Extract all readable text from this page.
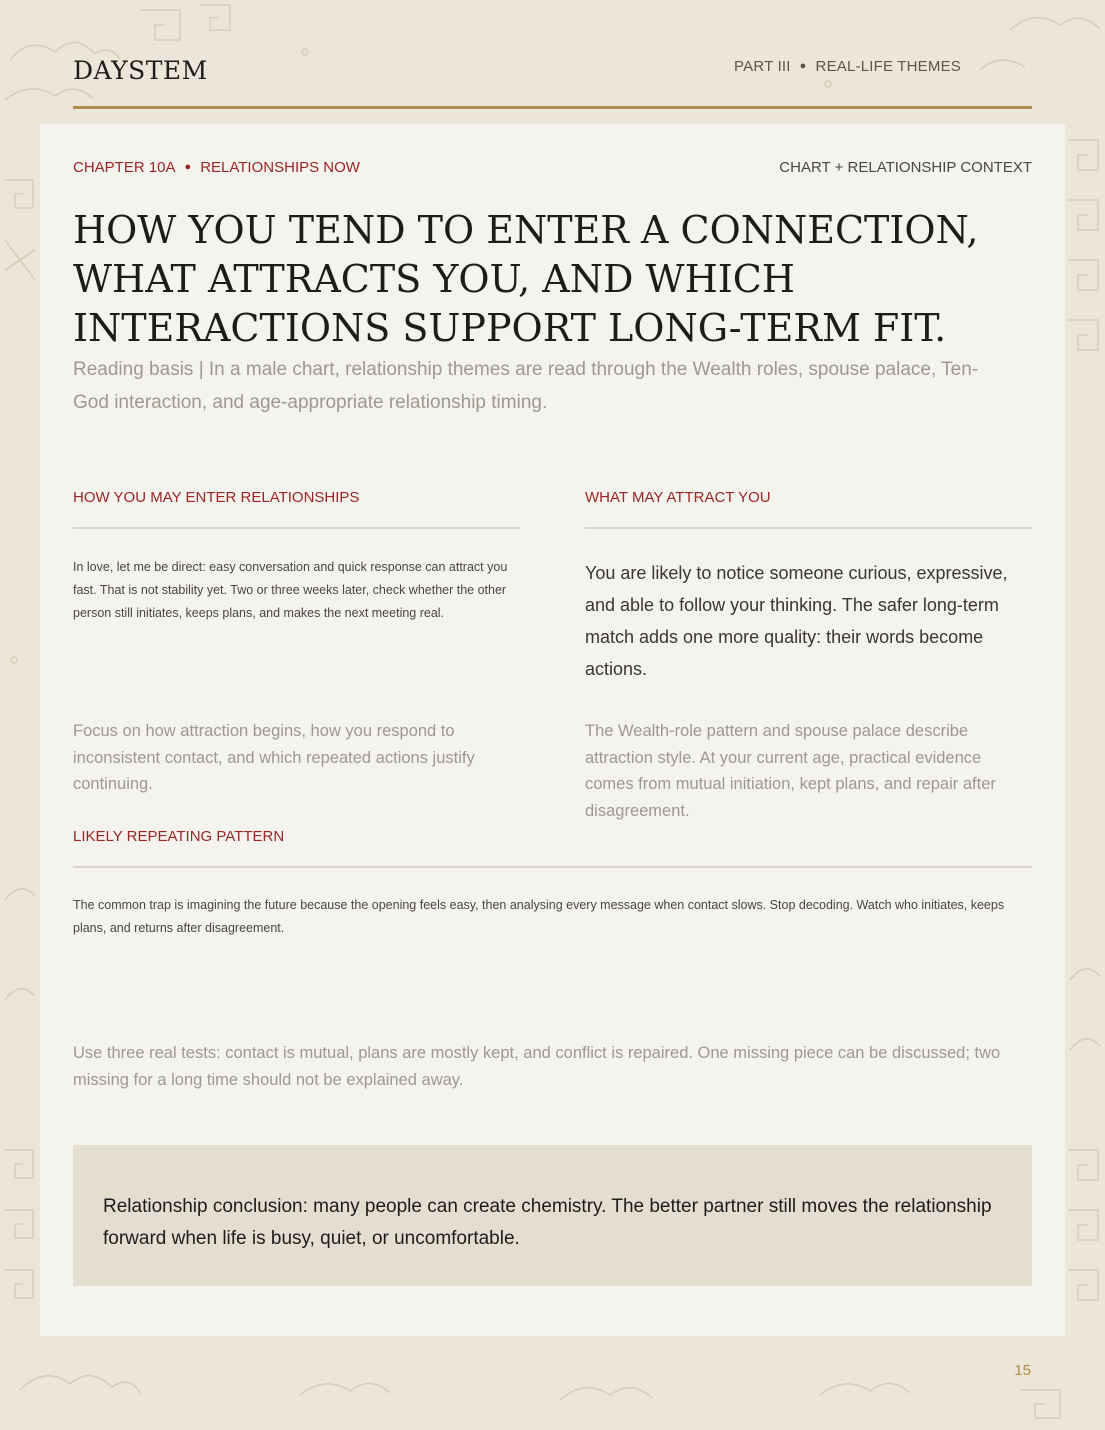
DAYSTEM	PART III ● REAL-LIFE THEMES
CHAPTER 10A ● RELATIONSHIPS NOW	CHART + RELATIONSHIP CONTEXT
HOW YOU TEND TO ENTER A CONNECTION, WHAT ATTRACTS YOU, AND WHICH INTERACTIONS SUPPORT LONG-TERM FIT.

Reading basis | In a male chart, relationship themes are read through the Wealth roles, spouse palace, Ten-God interaction, and age-appropriate relationship timing.

HOW YOU MAY ENTER RELATIONSHIPS

In love, let me be direct: easy conversation and quick response can attract you fast. That is not stability yet. Two or three weeks later, check whether the other person still initiates, keeps plans, and makes the next meeting real.

Focus on how attraction begins, how you respond to inconsistent contact, and which repeated actions justify continuing.

WHAT MAY ATTRACT YOU

You are likely to notice someone curious, expressive, and able to follow your thinking. The safer long-term match adds one more quality: their words become actions.

The Wealth-role pattern and spouse palace describe attraction style. At your current age, practical evidence comes from mutual initiation, kept plans, and repair after disagreement.

LIKELY REPEATING PATTERN

The common trap is imagining the future because the opening feels easy, then analysing every message when contact slows. Stop decoding. Watch who initiates, keeps plans, and returns after disagreement.

Use three real tests: contact is mutual, plans are mostly kept, and conflict is repaired. One missing piece can be discussed; two missing for a long time should not be explained away.

Relationship conclusion: many people can create chemistry. The better partner still moves the relationship forward when life is busy, quiet, or uncomfortable.

15
